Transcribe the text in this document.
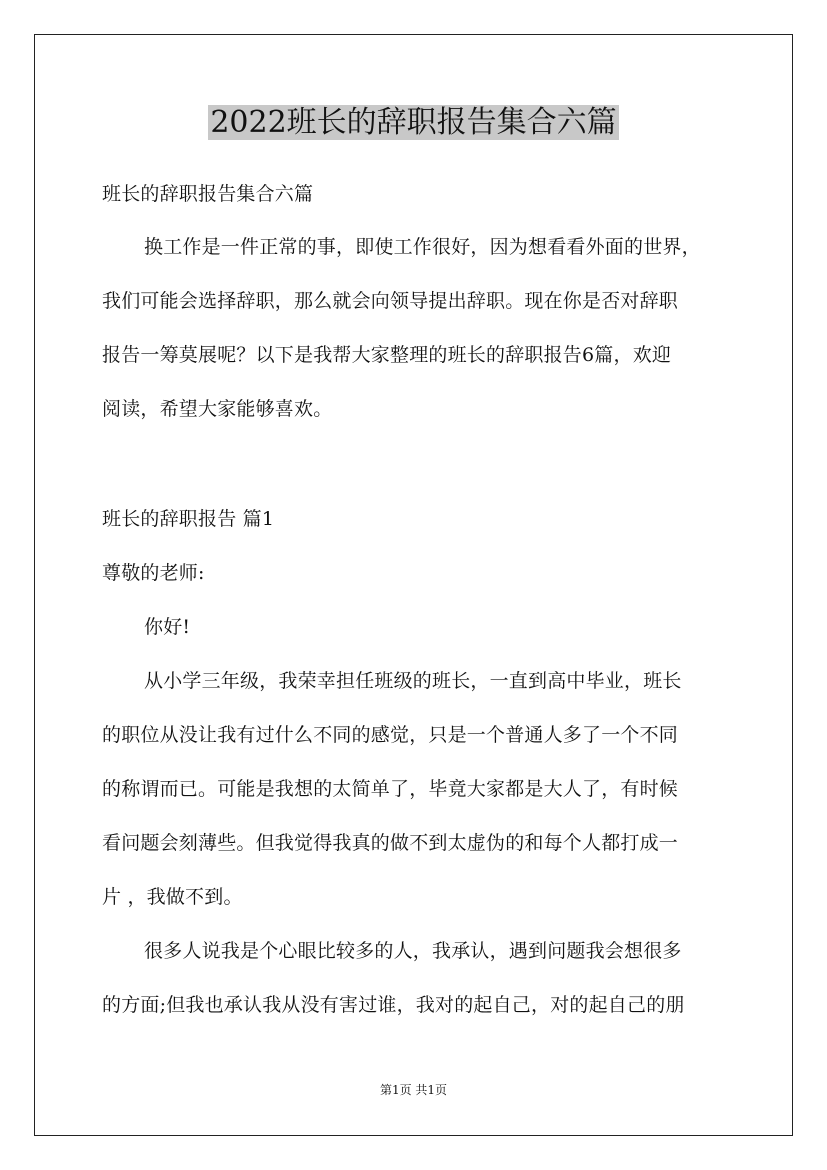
2022班长的辞职报告集合六篇
班长的辞职报告集合六篇
换工作是一件正常的事，即使工作很好，因为想看看外面的世界，
我们可能会选择辞职，那么就会向领导提出辞职。现在你是否对辞职
报告一筹莫展呢？以下是我帮大家整理的班长的辞职报告6篇，欢迎
阅读，希望大家能够喜欢。
班长的辞职报告 篇1
尊敬的老师:
你好!
从小学三年级，我荣幸担任班级的班长，一直到高中毕业，班长
的职位从没让我有过什么不同的感觉，只是一个普通人多了一个不同
的称谓而已。可能是我想的太简单了，毕竟大家都是大人了，有时候
看问题会刻薄些。但我觉得我真的做不到太虚伪的和每个人都打成一
片 ，我做不到。
很多人说我是个心眼比较多的人，我承认，遇到问题我会想很多
的方面;但我也承认我从没有害过谁，我对的起自己，对的起自己的朋
第1页 共1页
